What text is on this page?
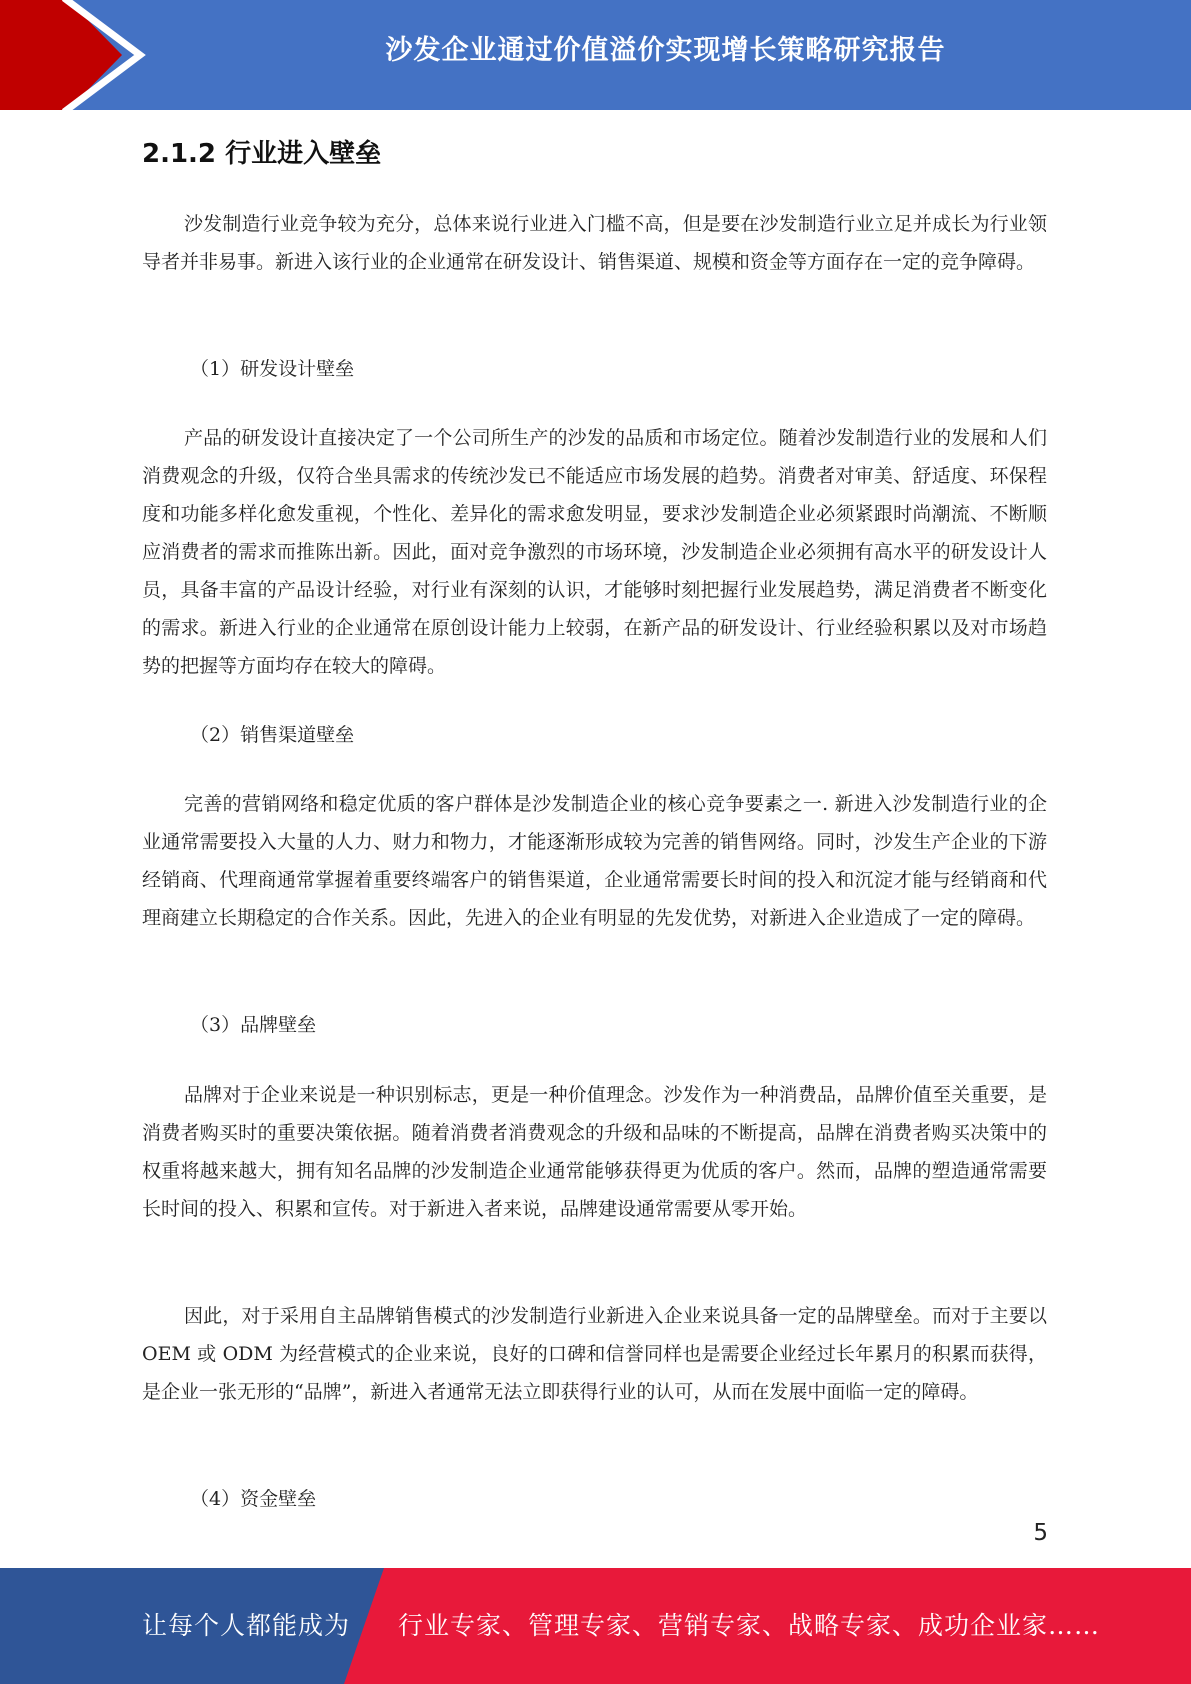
沙发企业通过价值溢价实现增长策略研究报告
2.1.2 行业进入壁垒

沙发制造行业竞争较为充分，总体来说行业进入门槛不高，但是要在沙发制造行业立足并成长为行业领导者并非易事。新进入该行业的企业通常在研发设计、销售渠道、规模和资金等方面存在一定的竞争障碍。

（1）研发设计壁垒

产品的研发设计直接决定了一个公司所生产的沙发的品质和市场定位。随着沙发制造行业的发展和人们消费观念的升级，仅符合坐具需求的传统沙发已不能适应市场发展的趋势。消费者对审美、舒适度、环保程度和功能多样化愈发重视，个性化、差异化的需求愈发明显，要求沙发制造企业必须紧跟时尚潮流、不断顺应消费者的需求而推陈出新。因此，面对竞争激烈的市场环境，沙发制造企业必须拥有高水平的研发设计人员，具备丰富的产品设计经验，对行业有深刻的认识，才能够时刻把握行业发展趋势，满足消费者不断变化的需求。新进入行业的企业通常在原创设计能力上较弱，在新产品的研发设计、行业经验积累以及对市场趋势的把握等方面均存在较大的障碍。

（2）销售渠道壁垒

完善的营销网络和稳定优质的客户群体是沙发制造企业的核心竞争要素之一. 新进入沙发制造行业的企业通常需要投入大量的人力、财力和物力，才能逐渐形成较为完善的销售网络。同时，沙发生产企业的下游经销商、代理商通常掌握着重要终端客户的销售渠道，企业通常需要长时间的投入和沉淀才能与经销商和代理商建立长期稳定的合作关系。因此，先进入的企业有明显的先发优势，对新进入企业造成了一定的障碍。

（3）品牌壁垒

品牌对于企业来说是一种识别标志，更是一种价值理念。沙发作为一种消费品，品牌价值至关重要，是消费者购买时的重要决策依据。随着消费者消费观念的升级和品味的不断提高，品牌在消费者购买决策中的权重将越来越大，拥有知名品牌的沙发制造企业通常能够获得更为优质的客户。然而，品牌的塑造通常需要长时间的投入、积累和宣传。对于新进入者来说，品牌建设通常需要从零开始。

因此，对于采用自主品牌销售模式的沙发制造行业新进入企业来说具备一定的品牌壁垒。而对于主要以 OEM 或 ODM 为经营模式的企业来说，良好的口碑和信誉同样也是需要企业经过长年累月的积累而获得，是企业一张无形的“品牌”，新进入者通常无法立即获得行业的认可，从而在发展中面临一定的障碍。

（4）资金壁垒

5
让每个人都能成为 行业专家、管理专家、营销专家、战略专家、成功企业家……
